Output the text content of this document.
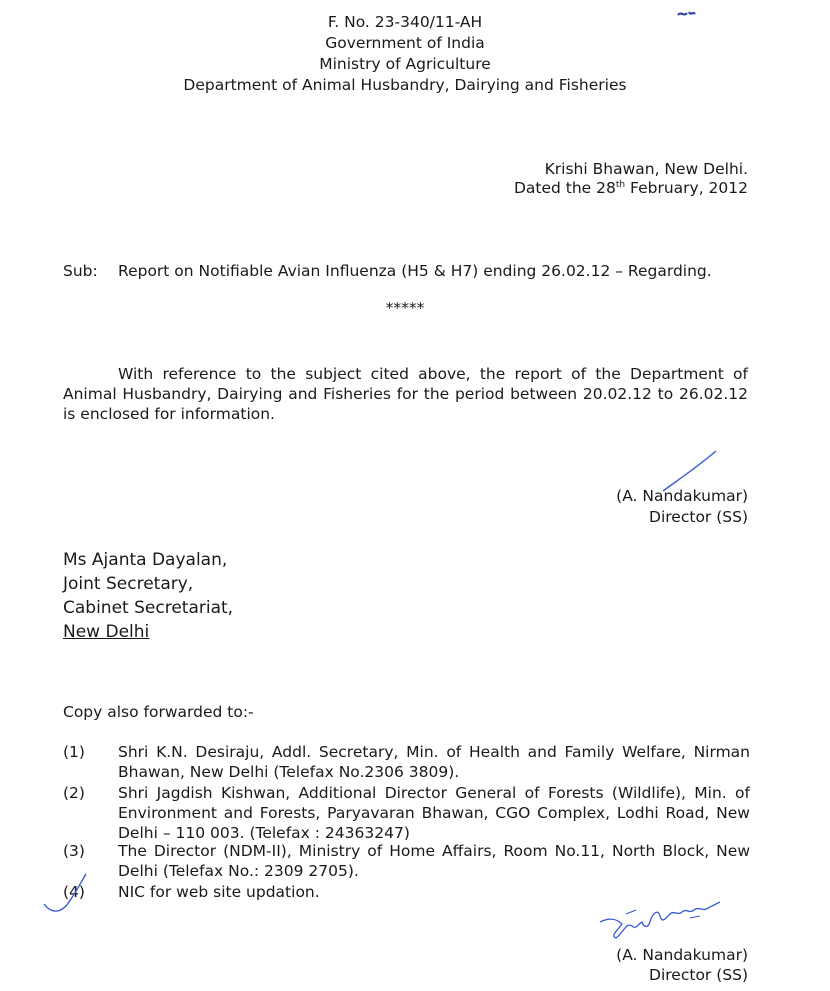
F. No. 23-340/11-AH
Government of India
Ministry of Agriculture
Department of Animal Husbandry, Dairying and Fisheries
Krishi Bhawan, New Delhi.
Dated the 28th February, 2012
Sub: Report on Notifiable Avian Influenza (H5 & H7) ending 26.02.12 – Regarding.
*****
With reference to the subject cited above, the report of the Department of Animal Husbandry, Dairying and Fisheries for the period between 20.02.12 to 26.02.12 is enclosed for information.
(A. Nandakumar)
Director (SS)
Ms Ajanta Dayalan,
Joint Secretary,
Cabinet Secretariat,
New Delhi
Copy also forwarded to:-
(1) Shri K.N. Desiraju, Addl. Secretary, Min. of Health and Family Welfare, Nirman Bhawan, New Delhi (Telefax No.2306 3809).
(2) Shri Jagdish Kishwan, Additional Director General of Forests (Wildlife), Min. of Environment and Forests, Paryavaran Bhawan, CGO Complex, Lodhi Road, New Delhi – 110 003. (Telefax : 24363247)
(3) The Director (NDM-II), Ministry of Home Affairs, Room No.11, North Block, New Delhi (Telefax No.: 2309 2705).
(4) NIC for web site updation.
(A. Nandakumar)
Director (SS)
